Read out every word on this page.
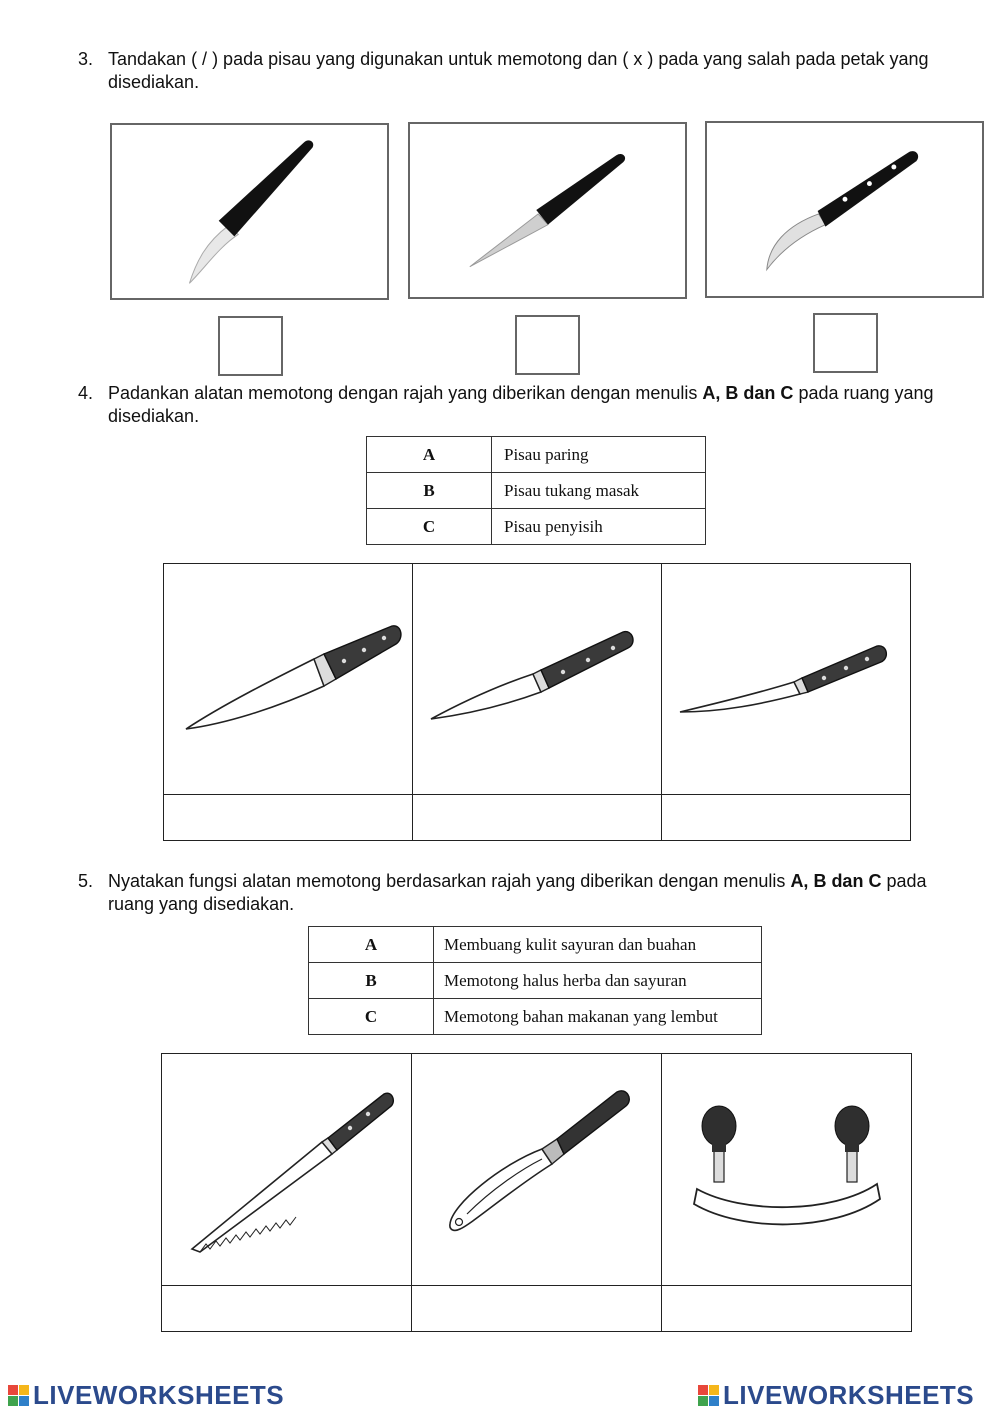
3. Tandakan ( / ) pada pisau yang digunakan untuk memotong dan ( x ) pada yang salah pada petak yang disediakan.
4. Padankan alatan memotong dengan rajah yang diberikan dengan menulis A, B dan C pada ruang yang disediakan.
A	Pisau paring
B	Pisau tukang masak
C	Pisau penyisih

5. Nyatakan fungsi alatan memotong berdasarkan rajah yang diberikan dengan menulis A, B dan C pada ruang yang disediakan.
A	Membuang kulit sayuran dan buahan
B	Memotong halus herba dan sayuran
C	Memotong bahan makanan yang lembut

LIVEWORKSHEETS	LIVEWORKSHEETS
